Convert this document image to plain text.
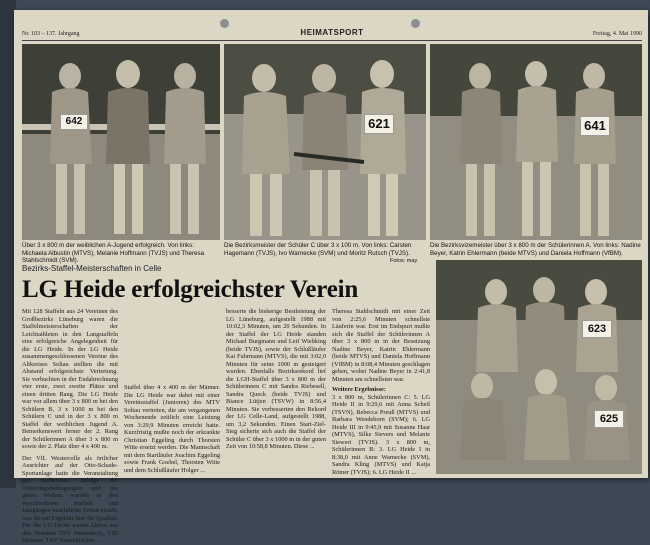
Nr. 103 – 137. Jahrgang	HEIMATSPORT	Freitag, 4. Mai 1990
642
Über 3 x 800 m der weiblichen A-Jugend erfolgreich. Von links: Michaela Albustin (MTVS), Melanie Hoffmann (TVJS) und Theresa Stahlschmidt (SVM).
621
Die Bezirksmeister der Schüler C über 3 x 100 m. Von links: Carsten Hagemann (TVJS), Ivo Warnecke (SVM) und Moritz Rutsch (TVJS).
Fotos: may
641
Die Bezirksvizemeister über 3 x 800 m der Schülerinnen A. Von links: Nadine Beyer, Katrin Ehlermann (beide MTVS) und Daniela Hoffmann (VfBM).
Bezirks-Staffel-Meisterschaften in Celle
LG Heide erfolgreichster Verein

Mit 128 Staffeln aus 24 Vereinen des Großbezirks Lüneburg waren die Staffelmeisterschaften der Leichtathleten in den Langstaffeln eine erfolgreiche Angelegenheit für die LG Heide. In der LG Heide zusammengeschlossenen Vereine des Altkreises Soltau stellten die mit Abstand erfolgreichste Vertretung. Sie verbuchten in der Endabrechnung vier erste, zwei zweite Plätze und einen dritten Rang. Die LG Heide war vor allem über 3 x 800 m bei den Schülern B, 3 x 1000 m bei den Schülern C und in der 3 x 800 m Staffel der weiblichen Jugend A. Bemerkenswert ferner der 2. Rang der Schülerinnen A über 3 x 800 m sowie der 2. Platz über 4 x 400 m.

Der VfL Westercelle als örtlicher Ausrichter auf der Otto-Schade-Sportanlage hatte die Veranstaltung gut vorbereitet. Infolge der Witterungsbedingungen und des guten Wetters wurden in den verschiedenen Staffeln und Jahrgängen beachtliche Zeiten erzielt, was für ein Ergebnis hier für Qualität. Für die LG Heide waren Aktive aus den Vereinen TSV Westenholz, VfB Munster, TSV Neuenkirchen ...

Staffel über 4 x 400 m der Männer. Die LG Heide war dabei mit einer Vereinsstaffel (Junioren) des MTV Soltau vertreten, die am vergangenen Wochenende zeitlich eine Leistung von 3:29,9 Minuten erreicht hatte. Kurzfristig mußte noch der erkrankte Christian Eggeling durch Thorsten Witte ersetzt werden. Die Mannschaft mit dem Startläufer Joachim Eggeling sowie Frank Goebel, Thorsten Witte und dem Schlußläufer Holger ...

besserte die bisherige Bestleistung der LG Lüneburg, aufgestellt 1988 mit 10:02,3 Minuten, um 20 Sekunden. In der Staffel der LG Heide standen Michael Burgmann und Leif Wiebking (beide TVJS), sowie der Schlußläufer Kai Fuhrmann (MTVS), die mit 3:02,0 Minuten für seine 1000 m gesteigert wurden. Ebenfalls Bezirksrekord lief die LGH-Staffel über 3 x 800 m der Schülerinnen C mit Sandra Riebesell, Sandra Queck (beide TVJS) und Biance Lütjen (TSVW) in 8:56,4 Minuten. Sie verbesserten den Rekord der LG Celle-Land, aufgestellt 1988, um 3,2 Sekunden. Einen Start-Ziel-Sieg sicherte sich auch die Staffel der Schüler C über 3 x 1000 m in der guten Zeit von 10:58,8 Minuten. Diese ...

Theresa Stahlschmidt mit einer Zeit von 2:25,6 Minuten schnellste Läuferin war. Erst im Endspurt mußte sich die Staffel der Schülerinnen A über 3 x 800 m in der Besetzung Nadine Beyer, Katrin Ehlermann (beide MTVS) und Daniela Hoffmann (VfBM) in 8:08,4 Minuten geschlagen geben, wobei Nadine Beyer in 2:41,8 Minuten am schnellsten war.

Weitere Ergebnisse:

3 x 800 m, Schülerinnen C: 5. LG Heide II in 9:29,6 mit Anna Scheil (TSVN), Rebecca Preuß (MTVS) und Barbara Wendeborn (SVM); 6. LG Heide III in 9:45,9 mit Susanne Haar (MTVS), Silke Sievers und Melanie Siewert (TVJS). 3 x 800 m, Schülerinnen B: 3. LG Heide I in 8:38,0 mit Anne Warnecke (SVM), Sandra Kling (MTVS) und Katja Römer (TVJS); 6. LG Heide II ...

623
625
